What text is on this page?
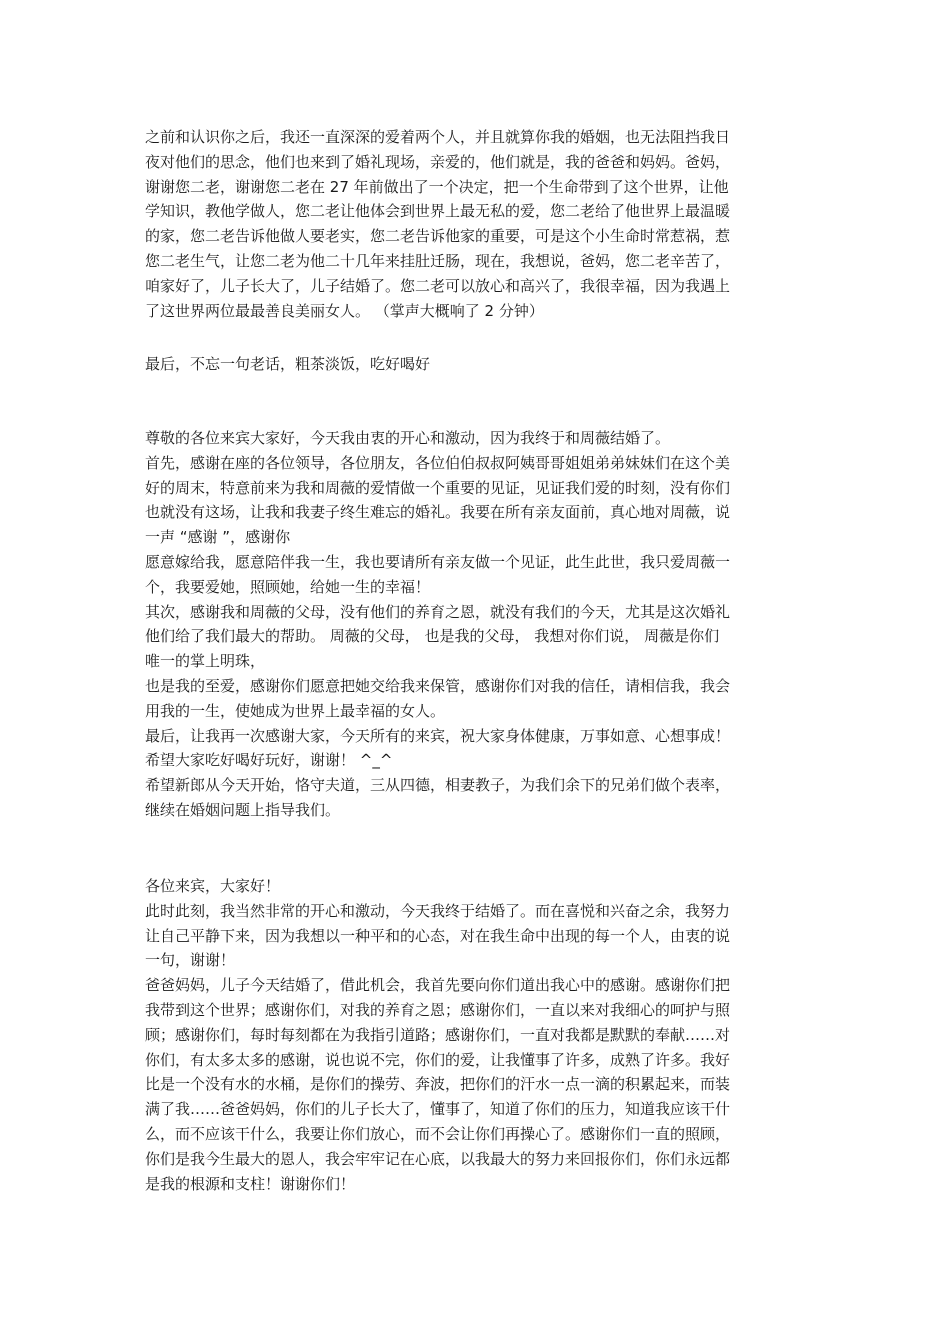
之前和认识你之后，我还一直深深的爱着两个人，并且就算你我的婚姻，也无法阻挡我日
夜对他们的思念，他们也来到了婚礼现场，亲爱的，他们就是，我的爸爸和妈妈。爸妈，
谢谢您二老，谢谢您二老在 27 年前做出了一个决定，把一个生命带到了这个世界，让他
学知识，教他学做人，您二老让他体会到世界上最无私的爱，您二老给了他世界上最温暖
的家，您二老告诉他做人要老实，您二老告诉他家的重要，可是这个小生命时常惹祸，惹
您二老生气，让您二老为他二十几年来挂肚迁肠，现在，我想说，爸妈，您二老辛苦了，
咱家好了，儿子长大了，儿子结婚了。您二老可以放心和高兴了，我很幸福，因为我遇上
了这世界两位最最善良美丽女人。 （掌声大概响了 2 分钟）
最后，不忘一句老话，粗茶淡饭，吃好喝好
尊敬的各位来宾大家好，今天我由衷的开心和激动，因为我终于和周薇结婚了。
首先，感谢在座的各位领导，各位朋友，各位伯伯叔叔阿姨哥哥姐姐弟弟妹妹们在这个美
好的周末，特意前来为我和周薇的爱情做一个重要的见证，见证我们爱的时刻，没有你们
也就没有这场，让我和我妻子终生难忘的婚礼。我要在所有亲友面前，真心地对周薇，说
一声 “感谢 ”，感谢你
愿意嫁给我，愿意陪伴我一生，我也要请所有亲友做一个见证，此生此世，我只爱周薇一
个，我要爱她，照顾她，给她一生的幸福！
其次，感谢我和周薇的父母，没有他们的养育之恩，就没有我们的今天，尤其是这次婚礼
他们给了我们最大的帮助。 周薇的父母， 也是我的父母， 我想对你们说， 周薇是你们
唯一的掌上明珠，
也是我的至爱，感谢你们愿意把她交给我来保管，感谢你们对我的信任，请相信我，我会
用我的一生，使她成为世界上最幸福的女人。
最后，让我再一次感谢大家，今天所有的来宾，祝大家身体健康，万事如意、心想事成！
希望大家吃好喝好玩好，谢谢！ ^_^
希望新郎从今天开始，恪守夫道，三从四德，相妻教子，为我们余下的兄弟们做个表率，
继续在婚姻问题上指导我们。
各位来宾，大家好！
此时此刻，我当然非常的开心和激动，今天我终于结婚了。而在喜悦和兴奋之余，我努力
让自己平静下来，因为我想以一种平和的心态，对在我生命中出现的每一个人，由衷的说
一句，谢谢！
爸爸妈妈，儿子今天结婚了，借此机会，我首先要向你们道出我心中的感谢。感谢你们把
我带到这个世界；感谢你们，对我的养育之恩；感谢你们，一直以来对我细心的呵护与照
顾；感谢你们，每时每刻都在为我指引道路；感谢你们，一直对我都是默默的奉献……对
你们，有太多太多的感谢，说也说不完，你们的爱，让我懂事了许多，成熟了许多。我好
比是一个没有水的水桶，是你们的操劳、奔波，把你们的汗水一点一滴的积累起来，而装
满了我……爸爸妈妈，你们的儿子长大了，懂事了，知道了你们的压力，知道我应该干什
么，而不应该干什么，我要让你们放心，而不会让你们再操心了。感谢你们一直的照顾，
你们是我今生最大的恩人，我会牢牢记在心底，以我最大的努力来回报你们，你们永远都
是我的根源和支柱！谢谢你们！
